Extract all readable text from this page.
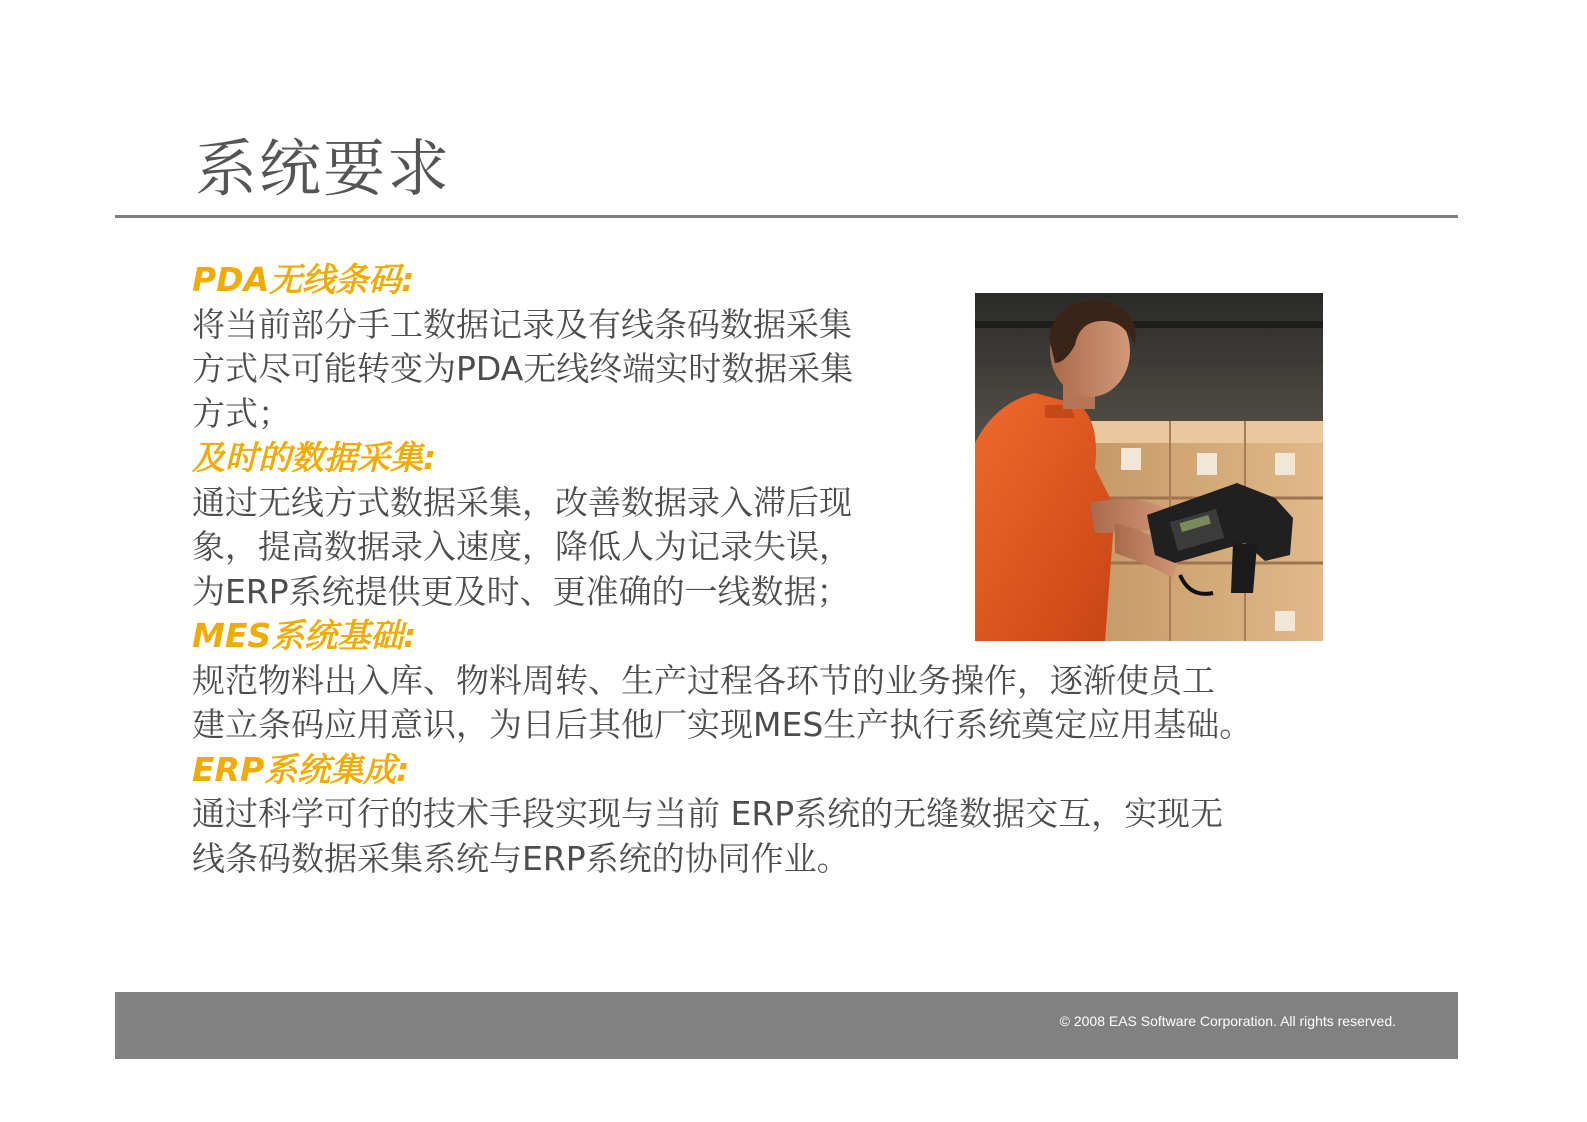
系统要求
PDA无线条码:
将当前部分手工数据记录及有线条码数据采集
方式尽可能转变为PDA无线终端实时数据采集
方式；
及时的数据采集:
通过无线方式数据采集，改善数据录入滞后现
象，提高数据录入速度，降低人为记录失误，
为ERP系统提供更及时、更准确的一线数据；
MES系统基础:
规范物料出入库、物料周转、生产过程各环节的业务操作，逐渐使员工
建立条码应用意识，为日后其他厂实现MES生产执行系统奠定应用基础。
ERP系统集成:
通过科学可行的技术手段实现与当前 ERP系统的无缝数据交互，实现无
线条码数据采集系统与ERP系统的协同作业。
© 2008 EAS Software Corporation. All rights reserved.
